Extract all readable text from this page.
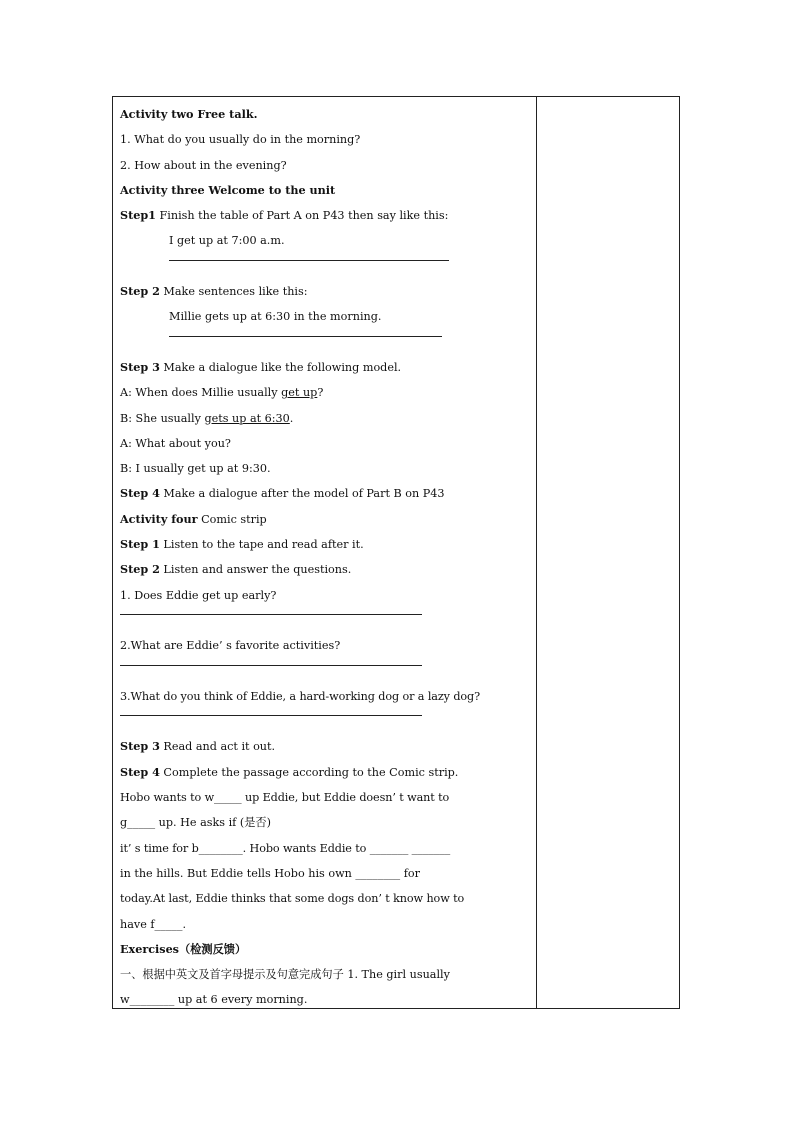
Activity two Free talk.
1. What do you usually do in the morning?
2. How about in the evening?
Activity three Welcome to the unit
Step1 Finish the table of Part A on P43 then say like this:
I get up at 7:00 a.m.
Step 2 Make sentences like this:
Millie gets up at 6:30 in the morning.
Step 3 Make a dialogue like the following model.
A: When does Millie usually get up?
B: She usually gets up at 6:30.
A: What about you?
B: I usually get up at 9:30.
Step 4 Make a dialogue after the model of Part B on P43
Activity four Comic strip
Step 1 Listen to the tape and read after it.
Step 2 Listen and answer the questions.
1. Does Eddie get up early?
2.What are Eddie’ s favorite activities?
3.What do you think of Eddie, a hard-working dog or a lazy dog?
Step 3 Read and act it out.
Step 4 Complete the passage according to the Comic strip.
Hobo wants to w_____ up Eddie, but Eddie doesn’ t want to
g_____ up. He asks if (是否)
it’ s time for b________. Hobo wants Eddie to _______ _______
in the hills. But Eddie tells Hobo his own ________ for
today.At last, Eddie thinks that some dogs don’ t know how to
have f_____.
Exercises（检测反馈）
一、根据中英文及首字母提示及句意完成句子 1. The girl usually
w________ up at 6 every morning.
